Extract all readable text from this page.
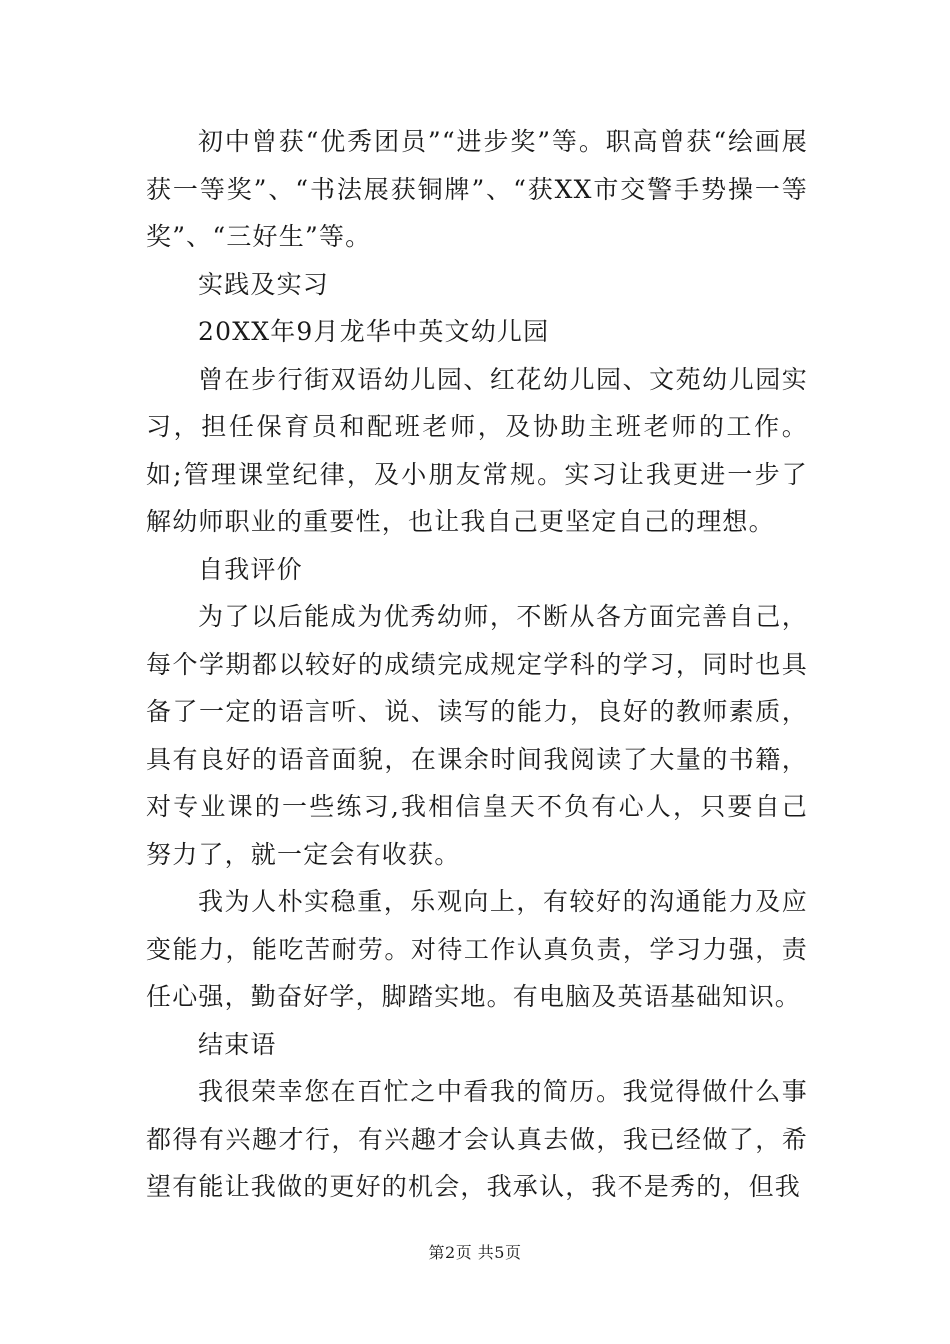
初中曾获“优秀团员”“进步奖”等。职高曾获“绘画展获一等奖”、“书法展获铜牌”、“获XX市交警手势操一等奖”、“三好生”等。

实践及实习

20XX年9月龙华中英文幼儿园

曾在步行街双语幼儿园、红花幼儿园、文苑幼儿园实习，担任保育员和配班老师，及协助主班老师的工作。如;管理课堂纪律，及小朋友常规。实习让我更进一步了解幼师职业的重要性，也让我自己更坚定自己的理想。

自我评价

为了以后能成为优秀幼师，不断从各方面完善自己，每个学期都以较好的成绩完成规定学科的学习，同时也具备了一定的语言听、说、读写的能力，良好的教师素质，具有良好的语音面貌，在课余时间我阅读了大量的书籍，对专业课的一些练习,我相信皇天不负有心人，只要自己努力了，就一定会有收获。

我为人朴实稳重，乐观向上，有较好的沟通能力及应变能力，能吃苦耐劳。对待工作认真负责，学习力强，责任心强，勤奋好学，脚踏实地。有电脑及英语基础知识。

结束语

我很荣幸您在百忙之中看我的简历。我觉得做什么事都得有兴趣才行，有兴趣才会认真去做，我已经做了，希望有能让我做的更好的机会，我承认，我不是秀的，但我

第2页 共5页
